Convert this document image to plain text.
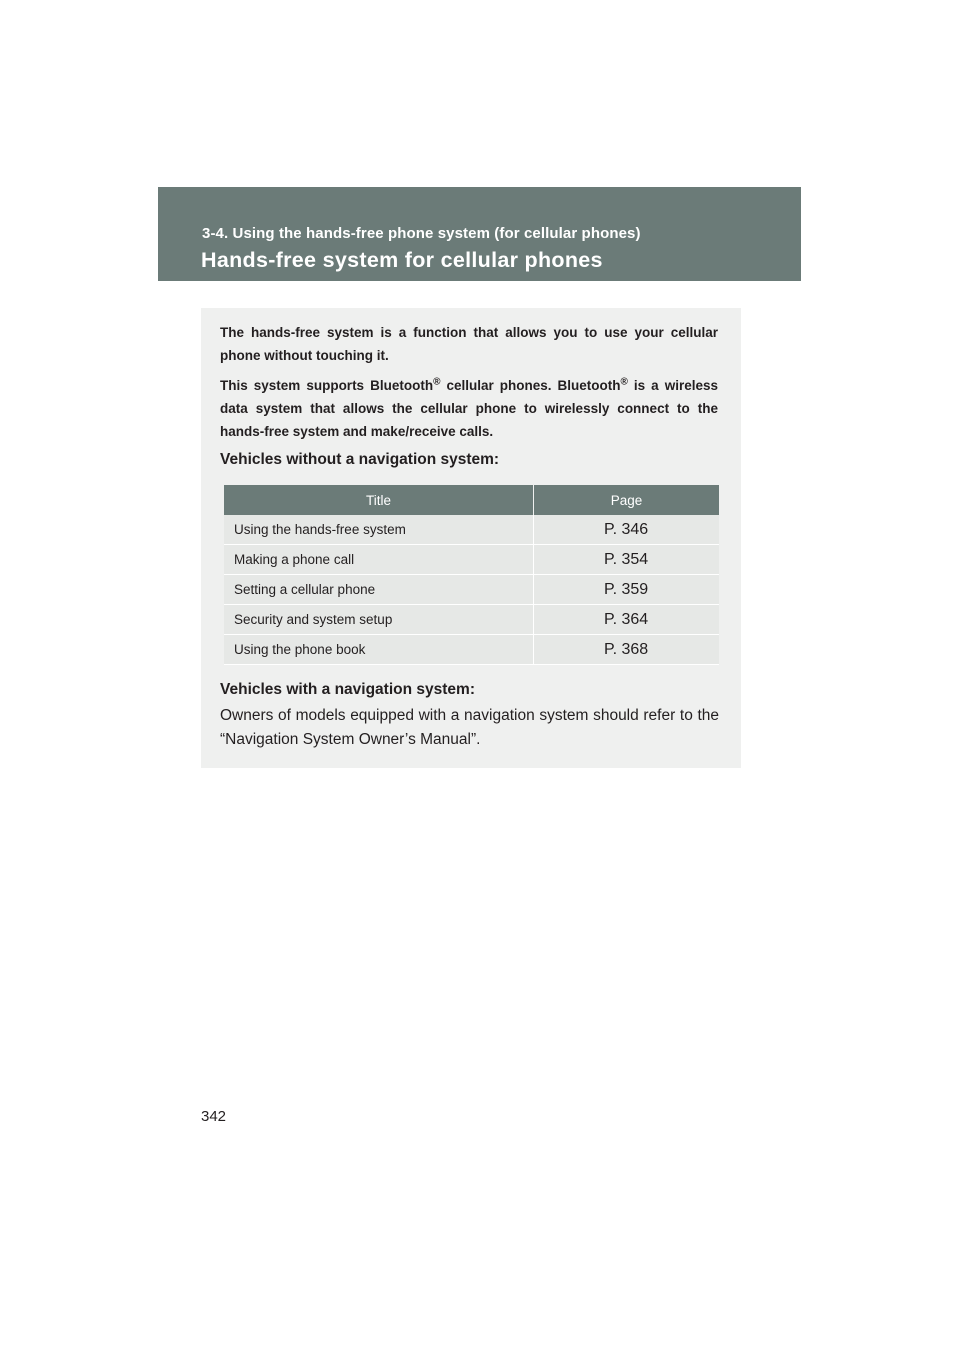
3-4. Using the hands-free phone system (for cellular phones)
Hands-free system for cellular phones

The hands-free system is a function that allows you to use your cellular phone without touching it.

This system supports Bluetooth® cellular phones. Bluetooth® is a wireless data system that allows the cellular phone to wirelessly connect to the hands-free system and make/receive calls.

Vehicles without a navigation system:
Title	Page
Using the hands-free system	P. 346
Making a phone call	P. 354
Setting a cellular phone	P. 359
Security and system setup	P. 364
Using the phone book	P. 368
Vehicles with a navigation system:

Owners of models equipped with a navigation system should refer to the “Navigation System Owner’s Manual”.

342
